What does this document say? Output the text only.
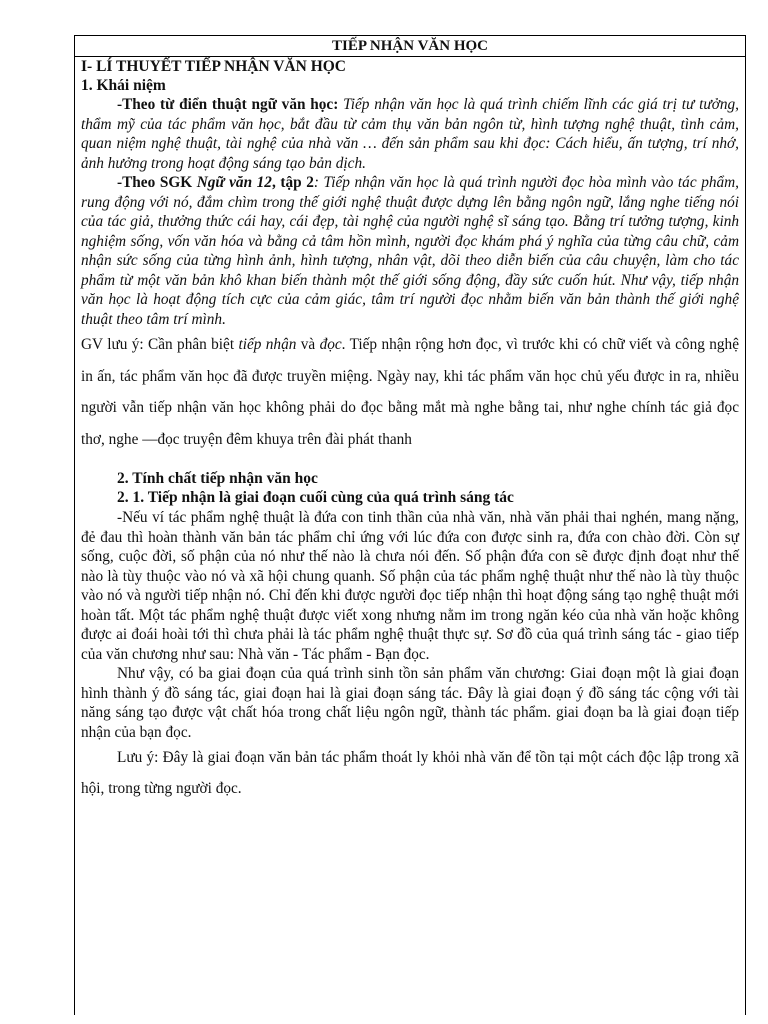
TIẾP NHẬN VĂN HỌC

I- LÍ THUYẾT TIẾP NHẬN VĂN HỌC

1. Khái niệm

-Theo từ điển thuật ngữ văn học: Tiếp nhận văn học là quá trình chiếm lĩnh các giá trị tư tưởng, thẩm mỹ của tác phẩm văn học, bắt đầu từ cảm thụ văn bản ngôn từ, hình tượng nghệ thuật, tình cảm, quan niệm nghệ thuật, tài nghệ của nhà văn … đến sản phẩm sau khi đọc: Cách hiểu, ấn tượng, trí nhớ, ảnh hưởng trong hoạt động sáng tạo bản dịch.

-Theo SGK Ngữ văn 12, tập 2: Tiếp nhận văn học là quá trình người đọc hòa mình vào tác phẩm, rung động với nó, đắm chìm trong thế giới nghệ thuật được dựng lên bằng ngôn ngữ, lắng nghe tiếng nói của tác giả, thưởng thức cái hay, cái đẹp, tài nghệ của người nghệ sĩ sáng tạo. Bằng trí tưởng tượng, kinh nghiệm sống, vốn văn hóa và bằng cả tâm hồn mình, người đọc khám phá ý nghĩa của từng câu chữ, cảm nhận sức sống của từng hình ảnh, hình tượng, nhân vật, dõi theo diễn biến của câu chuyện, làm cho tác phẩm từ một văn bản khô khan biến thành một thế giới sống động, đầy sức cuốn hút. Như vậy, tiếp nhận văn học là hoạt động tích cực của cảm giác, tâm trí người đọc nhằm biến văn bản thành thế giới nghệ thuật theo tâm trí mình.

GV lưu ý: Cần phân biệt tiếp nhận và đọc. Tiếp nhận rộng hơn đọc, vì trước khi có chữ viết và công nghệ in ấn, tác phẩm văn học đã được truyền miệng. Ngày nay, khi tác phẩm văn học chủ yếu được in ra, nhiều người vẫn tiếp nhận văn học không phải do đọc bằng mắt mà nghe bằng tai, như nghe chính tác giả đọc thơ, nghe —đọc truyện đêm khuya trên đài phát thanh

2. Tính chất tiếp nhận văn học

2. 1. Tiếp nhận là giai đoạn cuối cùng của quá trình sáng tác

-Nếu ví tác phẩm nghệ thuật là đứa con tinh thần của nhà văn, nhà văn phải thai nghén, mang nặng, đẻ đau thì hoàn thành văn bản tác phẩm chỉ ứng với lúc đứa con được sinh ra, đứa con chào đời. Còn sự sống, cuộc đời, số phận của nó như thế nào là chưa nói đến. Số phận đứa con sẽ được định đoạt như thế nào là tùy thuộc vào nó và xã hội chung quanh. Số phận của tác phẩm nghệ thuật như thế nào là tùy thuộc vào nó và người tiếp nhận nó. Chỉ đến khi được người đọc tiếp nhận thì hoạt động sáng tạo nghệ thuật mới hoàn tất. Một tác phẩm nghệ thuật được viết xong nhưng nằm im trong ngăn kéo của nhà văn hoặc không được ai đoái hoài tới thì chưa phải là tác phẩm nghệ thuật thực sự. Sơ đồ của quá trình sáng tác - giao tiếp của văn chương như sau: Nhà văn - Tác phẩm - Bạn đọc.

Như vậy, có ba giai đoạn của quá trình sinh tồn sản phẩm văn chương: Giai đoạn một là giai đoạn hình thành ý đồ sáng tác, giai đoạn hai là giai đoạn sáng tác. Đây là giai đoạn ý đồ sáng tác cộng với tài năng sáng tạo được vật chất hóa trong chất liệu ngôn ngữ, thành tác phẩm. giai đoạn ba là giai đoạn tiếp nhận của bạn đọc.

Lưu ý: Đây là giai đoạn văn bản tác phẩm thoát ly khỏi nhà văn để tồn tại một cách độc lập trong xã hội, trong từng người đọc.
